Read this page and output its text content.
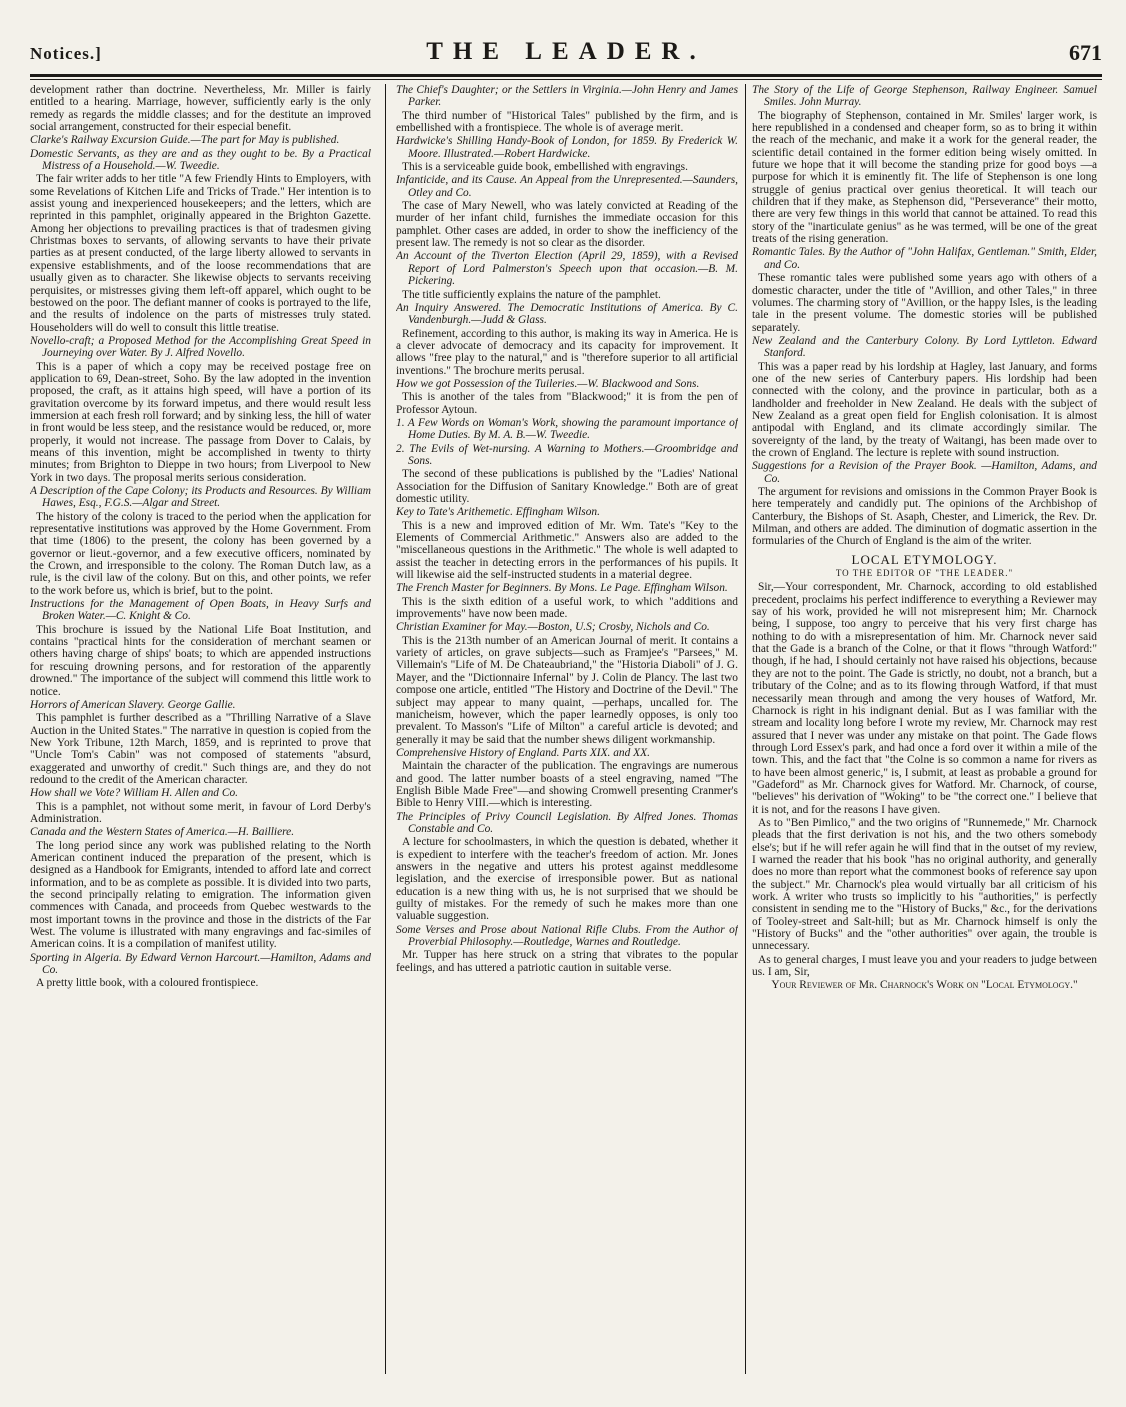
Notices.]	THE LEADER.	671

development rather than doctrine. Nevertheless, Mr. Miller is fairly entitled to a hearing. Marriage, however, sufficiently early is the only remedy as regards the middle classes; and for the destitute an improved social arrangement, constructed for their especial benefit.

Clarke's Railway Excursion Guide.—The part for May is published.

Domestic Servants, as they are and as they ought to be. By a Practical Mistress of a Household.—W. Tweedie.

The fair writer adds to her title "A few Friendly Hints to Employers, with some Revelations of Kitchen Life and Tricks of Trade." Her intention is to assist young and inexperienced housekeepers; and the letters, which are reprinted in this pamphlet, originally appeared in the Brighton Gazette. Among her objections to prevailing practices is that of tradesmen giving Christmas boxes to servants, of allowing servants to have their private parties as at present conducted, of the large liberty allowed to servants in expensive establishments, and of the loose recommendations that are usually given as to character. She likewise objects to servants receiving perquisites, or mistresses giving them left-off apparel, which ought to be bestowed on the poor. The defiant manner of cooks is portrayed to the life, and the results of indolence on the parts of mistresses truly stated. Householders will do well to consult this little treatise.

Novello-craft; a Proposed Method for the Accomplishing Great Speed in Journeying over Water. By J. Alfred Novello.

This is a paper of which a copy may be received postage free on application to 69, Dean-street, Soho. By the law adopted in the invention proposed, the craft, as it attains high speed, will have a portion of its gravitation overcome by its forward impetus, and there would result less immersion at each fresh roll forward; and by sinking less, the hill of water in front would be less steep, and the resistance would be reduced, or, more properly, it would not increase. The passage from Dover to Calais, by means of this invention, might be accomplished in twenty to thirty minutes; from Brighton to Dieppe in two hours; from Liverpool to New York in two days. The proposal merits serious consideration.

A Description of the Cape Colony; its Products and Resources. By William Hawes, Esq., F.G.S.—Algar and Street.

The history of the colony is traced to the period when the application for representative institutions was approved by the Home Government. From that time (1806) to the present, the colony has been governed by a governor or lieut.-governor, and a few executive officers, nominated by the Crown, and irresponsible to the colony. The Roman Dutch law, as a rule, is the civil law of the colony. But on this, and other points, we refer to the work before us, which is brief, but to the point.

Instructions for the Management of Open Boats, in Heavy Surfs and Broken Water.—C. Knight & Co.

This brochure is issued by the National Life Boat Institution, and contains "practical hints for the consideration of merchant seamen or others having charge of ships' boats; to which are appended instructions for rescuing drowning persons, and for restoration of the apparently drowned." The importance of the subject will commend this little work to notice.

Horrors of American Slavery. George Gallie.

This pamphlet is further described as a "Thrilling Narrative of a Slave Auction in the United States." The narrative in question is copied from the New York Tribune, 12th March, 1859, and is reprinted to prove that "Uncle Tom's Cabin" was not composed of statements "absurd, exaggerated and unworthy of credit." Such things are, and they do not redound to the credit of the American character.

How shall we Vote? William H. Allen and Co.

This is a pamphlet, not without some merit, in favour of Lord Derby's Administration.

Canada and the Western States of America.—H. Bailliere.

The long period since any work was published relating to the North American continent induced the preparation of the present, which is designed as a Handbook for Emigrants, intended to afford late and correct information, and to be as complete as possible. It is divided into two parts, the second principally relating to emigration. The information given commences with Canada, and proceeds from Quebec westwards to the most important towns in the province and those in the districts of the Far West. The volume is illustrated with many engravings and fac-similes of American coins. It is a compilation of manifest utility.

Sporting in Algeria. By Edward Vernon Harcourt.—Hamilton, Adams and Co.

A pretty little book, with a coloured frontispiece.

The Chief's Daughter; or the Settlers in Virginia.—John Henry and James Parker.

The third number of "Historical Tales" published by the firm, and is embellished with a frontispiece. The whole is of average merit.

Hardwicke's Shilling Handy-Book of London, for 1859. By Frederick W. Moore. Illustrated.—Robert Hardwicke.

This is a serviceable guide book, embellished with engravings.

Infanticide, and its Cause. An Appeal from the Unrepresented.—Saunders, Otley and Co.

The case of Mary Newell, who was lately convicted at Reading of the murder of her infant child, furnishes the immediate occasion for this pamphlet. Other cases are added, in order to show the inefficiency of the present law. The remedy is not so clear as the disorder.

An Account of the Tiverton Election (April 29, 1859), with a Revised Report of Lord Palmerston's Speech upon that occasion.—B. M. Pickering.

The title sufficiently explains the nature of the pamphlet.

An Inquiry Answered. The Democratic Institutions of America. By C. Vandenburgh.—Judd & Glass.

Refinement, according to this author, is making its way in America. He is a clever advocate of democracy and its capacity for improvement. It allows "free play to the natural," and is "therefore superior to all artificial inventions." The brochure merits perusal.

How we got Possession of the Tuileries.—W. Blackwood and Sons.

This is another of the tales from "Blackwood;" it is from the pen of Professor Aytoun.

1. A Few Words on Woman's Work, showing the paramount importance of Home Duties. By M. A. B.—W. Tweedie.

2. The Evils of Wet-nursing. A Warning to Mothers.—Groombridge and Sons.

The second of these publications is published by the "Ladies' National Association for the Diffusion of Sanitary Knowledge." Both are of great domestic utility.

Key to Tate's Arithemetic. Effingham Wilson.

This is a new and improved edition of Mr. Wm. Tate's "Key to the Elements of Commercial Arithmetic." Answers also are added to the "miscellaneous questions in the Arithmetic." The whole is well adapted to assist the teacher in detecting errors in the performances of his pupils. It will likewise aid the self-instructed students in a material degree.

The French Master for Beginners. By Mons. Le Page. Effingham Wilson.

This is the sixth edition of a useful work, to which "additions and improvements" have now been made.

Christian Examiner for May.—Boston, U.S; Crosby, Nichols and Co.

This is the 213th number of an American Journal of merit. It contains a variety of articles, on grave subjects—such as Framjee's "Parsees," M. Villemain's "Life of M. De Chateaubriand," the "Historia Diaboli" of J. G. Mayer, and the "Dictionnaire Infernal" by J. Colin de Plancy. The last two compose one article, entitled "The History and Doctrine of the Devil." The subject may appear to many quaint, —perhaps, uncalled for. The manicheism, however, which the paper learnedly opposes, is only too prevalent. To Masson's "Life of Milton" a careful article is devoted; and generally it may be said that the number shews diligent workmanship.

Comprehensive History of England. Parts XIX. and XX.

Maintain the character of the publication. The engravings are numerous and good. The latter number boasts of a steel engraving, named "The English Bible Made Free"—and showing Cromwell presenting Cranmer's Bible to Henry VIII.—which is interesting.

The Principles of Privy Council Legislation. By Alfred Jones. Thomas Constable and Co.

A lecture for schoolmasters, in which the question is debated, whether it is expedient to interfere with the teacher's freedom of action. Mr. Jones answers in the negative and utters his protest against meddlesome legislation, and the exercise of irresponsible power. But as national education is a new thing with us, he is not surprised that we should be guilty of mistakes. For the remedy of such he makes more than one valuable suggestion.

Some Verses and Prose about National Rifle Clubs. From the Author of Proverbial Philosophy.—Routledge, Warnes and Routledge.

Mr. Tupper has here struck on a string that vibrates to the popular feelings, and has uttered a patriotic caution in suitable verse.

The Story of the Life of George Stephenson, Railway Engineer. Samuel Smiles. John Murray.

The biography of Stephenson, contained in Mr. Smiles' larger work, is here republished in a condensed and cheaper form, so as to bring it within the reach of the mechanic, and make it a work for the general reader, the scientific detail contained in the former edition being wisely omitted. In future we hope that it will become the standing prize for good boys —a purpose for which it is eminently fit. The life of Stephenson is one long struggle of genius practical over genius theoretical. It will teach our children that if they make, as Stephenson did, "Perseverance" their motto, there are very few things in this world that cannot be attained. To read this story of the "inarticulate genius" as he was termed, will be one of the great treats of the rising generation.

Romantic Tales. By the Author of "John Halifax, Gentleman." Smith, Elder, and Co.

These romantic tales were published some years ago with others of a domestic character, under the title of "Avillion, and other Tales," in three volumes. The charming story of "Avillion, or the happy Isles, is the leading tale in the present volume. The domestic stories will be published separately.

New Zealand and the Canterbury Colony. By Lord Lyttleton. Edward Stanford.

This was a paper read by his lordship at Hagley, last January, and forms one of the new series of Canterbury papers. His lordship had been connected with the colony, and the province in particular, both as a landholder and freeholder in New Zealand. He deals with the subject of New Zealand as a great open field for English colonisation. It is almost antipodal with England, and its climate accordingly similar. The sovereignty of the land, by the treaty of Waitangi, has been made over to the crown of England. The lecture is replete with sound instruction.

Suggestions for a Revision of the Prayer Book. —Hamilton, Adams, and Co.

The argument for revisions and omissions in the Common Prayer Book is here temperately and candidly put. The opinions of the Archbishop of Canterbury, the Bishops of St. Asaph, Chester, and Limerick, the Rev. Dr. Milman, and others are added. The diminution of dogmatic assertion in the formularies of the Church of England is the aim of the writer.

LOCAL ETYMOLOGY.

TO THE EDITOR OF "THE LEADER."

Sir,—Your correspondent, Mr. Charnock, according to old established precedent, proclaims his perfect indifference to everything a Reviewer may say of his work, provided he will not misrepresent him; Mr. Charnock being, I suppose, too angry to perceive that his very first charge has nothing to do with a misrepresentation of him. Mr. Charnock never said that the Gade is a branch of the Colne, or that it flows "through Watford:" though, if he had, I should certainly not have raised his objections, because they are not to the point. The Gade is strictly, no doubt, not a branch, but a tributary of the Colne; and as to its flowing through Watford, if that must necessarily mean through and among the very houses of Watford, Mr. Charnock is right in his indignant denial. But as I was familiar with the stream and locality long before I wrote my review, Mr. Charnock may rest assured that I never was under any mistake on that point. The Gade flows through Lord Essex's park, and had once a ford over it within a mile of the town. This, and the fact that "the Colne is so common a name for rivers as to have been almost generic," is, I submit, at least as probable a ground for "Gadeford" as Mr. Charnock gives for Watford. Mr. Charnock, of course, "believes" his derivation of "Woking" to be "the correct one." I believe that it is not, and for the reasons I have given.

As to "Ben Pimlico," and the two origins of "Runnemede," Mr. Charnock pleads that the first derivation is not his, and the two others somebody else's; but if he will refer again he will find that in the outset of my review, I warned the reader that his book "has no original authority, and generally does no more than report what the commonest books of reference say upon the subject." Mr. Charnock's plea would virtually bar all criticism of his work. A writer who trusts so implicitly to his "authorities," is perfectly consistent in sending me to the "History of Bucks," &c., for the derivations of Tooley-street and Salt-hill; but as Mr. Charnock himself is only the "History of Bucks" and the "other authorities" over again, the trouble is unnecessary.

As to general charges, I must leave you and your readers to judge between us. I am, Sir,

Your Reviewer of Mr. Charnock's Work on "Local Etymology."
